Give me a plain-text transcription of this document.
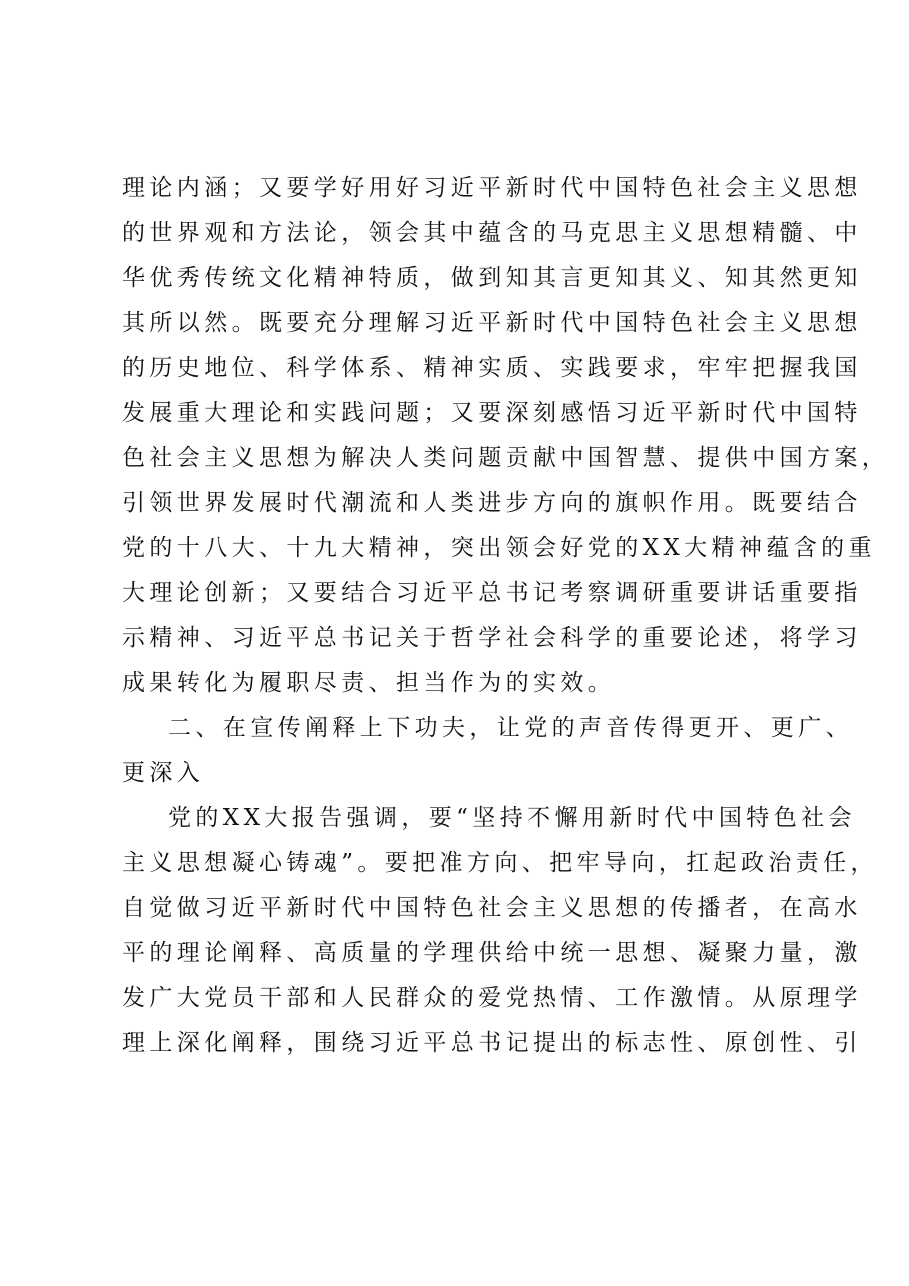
理论内涵；又要学好用好习近平新时代中国特色社会主义思想
的世界观和方法论，领会其中蕴含的马克思主义思想精髓、中
华优秀传统文化精神特质，做到知其言更知其义、知其然更知
其所以然。既要充分理解习近平新时代中国特色社会主义思想
的历史地位、科学体系、精神实质、实践要求，牢牢把握我国
发展重大理论和实践问题；又要深刻感悟习近平新时代中国特
色社会主义思想为解决人类问题贡献中国智慧、提供中国方案，
引领世界发展时代潮流和人类进步方向的旗帜作用。既要结合
党的十八大、十九大精神，突出领会好党的XX大精神蕴含的重
大理论创新；又要结合习近平总书记考察调研重要讲话重要指
示精神、习近平总书记关于哲学社会科学的重要论述，将学习
成果转化为履职尽责、担当作为的实效。
二、在宣传阐释上下功夫，让党的声音传得更开、更广、
更深入
党的XX大报告强调，要“坚持不懈用新时代中国特色社会
主义思想凝心铸魂”。要把准方向、把牢导向，扛起政治责任，
自觉做习近平新时代中国特色社会主义思想的传播者，在高水
平的理论阐释、高质量的学理供给中统一思想、凝聚力量，激
发广大党员干部和人民群众的爱党热情、工作激情。从原理学
理上深化阐释，围绕习近平总书记提出的标志性、原创性、引
